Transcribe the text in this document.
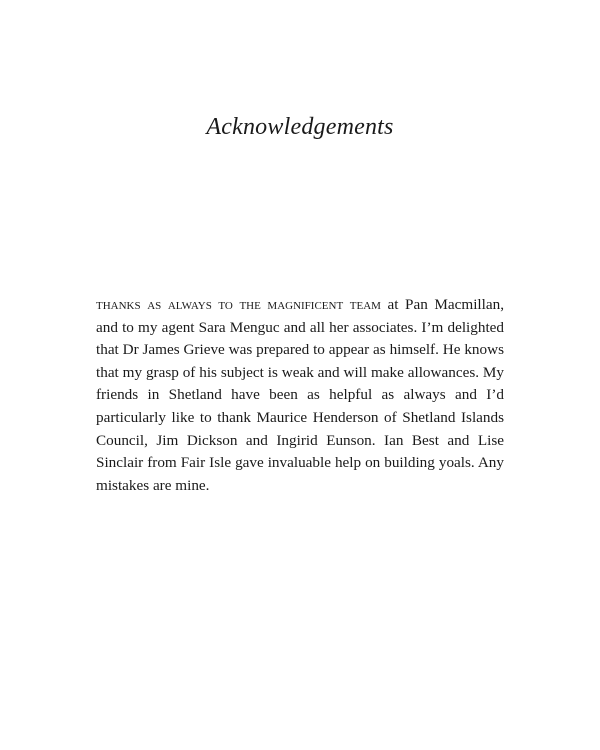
Acknowledgements

thanks as always to the magnificent team at Pan Macmillan, and to my agent Sara Menguc and all her associates. I’m delighted that Dr James Grieve was prepared to appear as himself. He knows that my grasp of his subject is weak and will make allowances. My friends in Shetland have been as helpful as always and I’d particularly like to thank Maurice Henderson of Shetland Islands Council, Jim Dickson and Ingirid Eunson. Ian Best and Lise Sinclair from Fair Isle gave invaluable help on building yoals. Any mistakes are mine.
